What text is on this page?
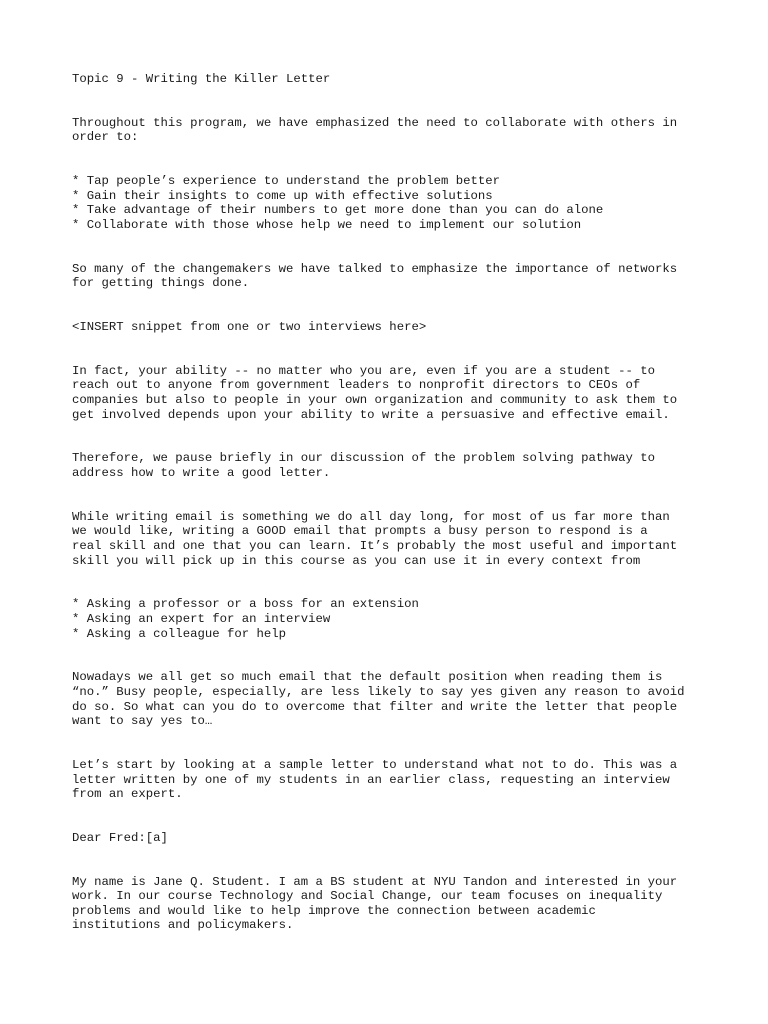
Topic 9 - Writing the Killer Letter
Throughout this program, we have emphasized the need to collaborate with others in
order to:
* Tap people’s experience to understand the problem better
* Gain their insights to come up with effective solutions
* Take advantage of their numbers to get more done than you can do alone
* Collaborate with those whose help we need to implement our solution
So many of the changemakers we have talked to emphasize the importance of networks
for getting things done.
<INSERT snippet from one or two interviews here>
In fact, your ability -- no matter who you are, even if you are a student -- to
reach out to anyone from government leaders to nonprofit directors to CEOs of
companies but also to people in your own organization and community to ask them to
get involved depends upon your ability to write a persuasive and effective email.
Therefore, we pause briefly in our discussion of the problem solving pathway to
address how to write a good letter.
While writing email is something we do all day long, for most of us far more than
we would like, writing a GOOD email that prompts a busy person to respond is a
real skill and one that you can learn. It’s probably the most useful and important
skill you will pick up in this course as you can use it in every context from
* Asking a professor or a boss for an extension
* Asking an expert for an interview
* Asking a colleague for help
Nowadays we all get so much email that the default position when reading them is
“no.” Busy people, especially, are less likely to say yes given any reason to avoid
do so. So what can you do to overcome that filter and write the letter that people
want to say yes to…
Let’s start by looking at a sample letter to understand what not to do. This was a
letter written by one of my students in an earlier class, requesting an interview
from an expert.
Dear Fred:[a]
My name is Jane Q. Student. I am a BS student at NYU Tandon and interested in your
work. In our course Technology and Social Change, our team focuses on inequality
problems and would like to help improve the connection between academic
institutions and policymakers.
